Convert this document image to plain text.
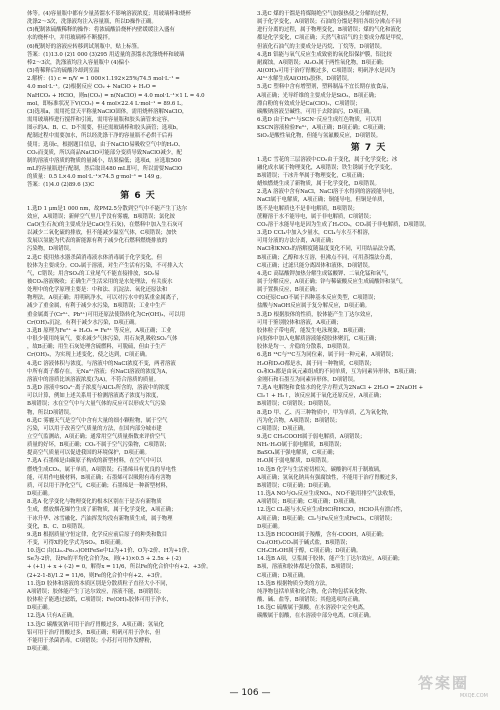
体等。(4)容量瓶中都有少量蒸馏水不影响溶液浓度；用玻璃棒和烧杯
洗涤2～3次，洗涤液均注入容量瓶，所以D操作正确。
(5)配制浓硫酸稀释的操作：将浓硫酸沿烧杯内壁缓缓注入盛有
水的烧杯中，并用玻璃棒不断搅拌。
(6)配制好的溶液应转移到试剂瓶中，贴上标签。
答案：(1)13.0 (2)1 000 (3)295 用适量的蒸馏水洗涤烧杯和玻璃
棒2～3次，洗涤液均注入容量瓶中 (4)偏小
(5)将稀释后的硫酸冷却到室温
2.解析：(1) c = n/V = 1 000×1.192×25%/74.5 mol·L⁻¹ =
4.0 mol·L⁻¹。(2)根据反应 CO₂ + NaClO + H₂O =
NaHCO₃ + HClO，则n(CO₂) = n(NaClO) = 4.0 mol·L⁻¹×1 L = 4.0
mol，即标准状况下V(CO₂) = 4 mol×22.4 L·mol⁻¹ = 89.6 L。
(3)选项a，需用托盘天平称量NaClO固体，需用烧杯溶解NaClO，
需用玻璃棒进行搅拌和引流，需用容量瓶和胶头滴管来定容，
图示的A、B、C、D不需要，但还需玻璃棒和胶头滴管；选项b，
配制过程中需要加水，所以经洗涤干净的容量瓶不必烘干后再
使用；选项c，根据题目信息，由于NaClO易吸收空气中的H₂O、
CO₂而变质，所以商品NaClO可能部分变质导致NaClO减少，配
制的溶液中溶质的物质的量减小，结果偏低；选项d，应选取500
mL的容量瓶进行配制，然后取出480 mL即可，所以需要NaClO
的质量：0.5 L×4.0 mol·L⁻¹×74.5 g·mol⁻¹ = 149 g。
答案：(1)4.0 (2)89.6 (3)C
第 6 天
1.选D 1 μm是1 000 nm，故PM2.5分散到空气中不能产生丁达尔
效应，A项错误；新鲜空气里几乎没有雾霾，B项错误；氯化铵
CaO(生石灰)的主要成分是CaO(生石灰)，在燃料中加入生石灰可
以减少二氧化硫的排放，但不能减少温室气体，C项错误；加快
发展以氢能为代表的新能源有利于减少化石燃料燃烧排放的
污染物，D项错误。
2.选C 使用热水器杀菌消毒液水体消毒属于化学变化，但
胶体为主要成分。CO₂属于溶液，对生产生活有污染，不可排入大
气，C错误；用含SO₂的工业尾气不能直接排放，SO₂易
被CO₂溶液吸收；正确生产生活采用的是水处理法，有关废水
处理中的化学原理主要是：中和法、沉淀法、氧化还原法和
物理法。A项正确；用明矾净水，可以对污水中的某重金属离子，
减少了重金属，有利于减少水污染，B项错误；工业中生产
重金属离子(Cr³⁺、Pb²⁺)可用还原法使铬转化为Cr(OH)₃，可以用
Cr(OH)₃沉淀，有利于减少水污染，D项正确。
3.选B 原理为Fe²⁺ + H₂O₂ = Fe³⁺ 等反应，A项正确；工业
中很少使用纯氧气，要求减少气体污染，用石灰乳吸收SO₂气体
，故B正确；用生石灰处理含硫燃料，可脱硫，但由于生产
Cr(OH)₃，为实现上述变化，使之达到，C项正确。
4.选C 溶液体积与浓度，与溶液中的NaCl浓度不变，两者溶液
中所有离子都存在，无Na²⁺溶液；有NaCl溶液的浓度为A，
溶液中的溶质比该溶液浓度(为A)，不符合溶质的质量。
5.选D 溶液中SO₄²⁻离子浓度与AlCl₃所含的，溶液中的浓度
可以计算，例如上述关系用于检测溶液离子浓度与浓度，
B项错误；水在空气中与大量气体的反应可以形成大气污染
物，所以D项错误。
6.选C 雾霾天气是空气中含有大量的细小颗粒物，属于空气
污染，可以用于改善空气质量的方法，在国内部分城市建
立空气监测站，A项正确；通常用空气质量指数来评价空气
质量的好坏，B项正确；CO₂不属于空气污染物，C项错误；
提高空气质量可以促进我国的环境保护，D项正确。
7.选A 石墨烯是由碳原子构成的新型材料，在空气中可以
燃烧生成CO₂，属于单质，A项错误；石墨烯具有优良的导电性
能，可用作电极材料，B项正确；石墨烯可以吸附有毒有害物
质，可以用于净化空气，C项正确；石墨烯是一种新型材料，
D项正确。
8.选A 化学变化与物理变化的根本区别在于是否有新物质
生成，燃放烟花爆竹生成了新物质，属于化学变化，A项正确；
干冰升华、冰雪融化、汽油挥发均没有新物质生成，属于物理
变化，B、C、D项错误。
9.选B 根据质量守恒定律，化学反应前后原子的种类和数目
不变，可得X的化学式为SO₂，B项正确。
10.选C 由(Li₀.₅Fe₂.₅)OHFeSe中Li为+1价、O为-2价、H为+1价、
Se为-2价，设Fe的平均化合价为x，则(+1)×0.5 + 2.5x + (-2)
+ (+1) + x + (-2) = 0，解得x = 11/6，所以Fe的化合价中有+2、+3价。
(2+2-1-8)/1.2 = 11/6，则Fe的化合价中有+2、+3价。
11.选D 胶体和溶液的本质区别是分散质粒子直径大小不同，
A项错误；胶体能产生丁达尔效应，溶液不能，B项错误；
胶体粒子能透过滤纸，C项错误；Fe(OH)₃胶体可用于净水，
D项正确。
12.选A 只有A正确。
13.选C 碳酸氢钠可用于治疗胃酸过多，A项正确；氢氧化
铝可用于治疗胃酸过多，B项正确；明矾可用于净水，但
不能用于杀菌消毒，C项错误；小苏打可用作发酵粉，
D项正确。
3.选C 煤的干馏是将煤隔绝空气加强热使之分解的过程，
属于化学变化，A项错误；石油的分馏是利用各组分沸点不同
进行分离的过程，属于物理变化，B项错误；煤的气化和液化
都是化学变化，C项正确；天然气和沼气的主要成分都是甲烷，
但液化石油气的主要成分是丙烷、丁烷等，D项错误。
4.选B 铝能与氧气反应生成致密的氧化铝保护膜，铝比较
耐腐蚀，A项错误；Al₂O₃属于两性氧化物，B项正确；
Al(OH)₃可用于治疗胃酸过多，C项错误；明矾净水是因为
Al³⁺水解生成Al(OH)₃胶体，D项错误。
5.选C 塑料中含有增塑剂，塑料制品不宜长期存放食品，
A项正确；光导纤维的主要成分是SiO₂，B项正确；
漂白粉的有效成分是Ca(ClO)₂，C项错误；
碳酸钠溶液呈碱性，可用于去除油污，D项正确。
6.选D 由于Fe³⁺与SCN⁻反应生成红色物质，可以用
KSCN溶液检验Fe³⁺，A项正确；B项正确；C项正确；
SiO₂是酸性氧化物，但能与氢氟酸反应，D项错误。
第 7 天
1.选C 雪花的三层溶液中CO₂由于变化，属于化学变化；冰
融化成水属于物理变化，A项错误；铁生锈属于化学变化，
B项错误；干冰升华属于物理变化，C项正确；
蜡烛燃烧生成了新物质，属于化学变化，D项错误。
2.选A 溶液中含有NaCl，NaCl溶于水得到的溶液能导电，
NaCl属于电解质，A项正确；铜能导电，但铜是单质，
既不是电解质也不是非电解质，B项错误；
蔗糖溶于水不能导电，属于非电解质，C项错误；
CO₂溶于水能导电是因为生成了H₂CO₃，CO₂属于非电解质，D项错误。
3.选D CCl₄中加入少量水，CCl₄与水互不相溶，
可用分液的方法分离，A项正确；
NaCl和KNO₃的溶解度随温度变化不同，可用结晶法分离，
B项正确；乙醇和水互溶，但沸点不同，可用蒸馏法分离，
C项正确；过滤只能分离固体和液体，D项错误。
4.选C 高锰酸钾加热分解生成锰酸钾、二氧化锰和氧气，
属于分解反应，A项正确；锌与稀硫酸反应生成硫酸锌和氢气，
属于置换反应，B项正确；
CO还原CuO不属于四种基本反应类型，C项错误；
盐酸与NaOH反应属于复分解反应，D项正确。
5.选D 根据胶体的性质，胶体能产生丁达尔效应，
可用于鉴别胶体和溶液，A项正确；
胶体粒子带电荷，能发生电泳现象，B项正确；
向胶体中加入电解质溶液能使胶体聚沉，C项正确；
胶体是均一、介稳的分散系，D项错误。
6.选B ¹⁴C与¹²C互为同位素，属于同一种元素，A项错误；
H₂O和D₂O都是水，属于同一种物质，C项错误；
O₂和O₃都是由氧元素组成的不同单质，互为同素异形体，B项正确；
金刚石和石墨互为同素异形体，D项错误。
7.选A 电解饱和食盐水的化学方程式为2NaCl + 2H₂O = 2NaOH +
Cl₂↑ + H₂↑，该反应属于氧化还原反应，A项正确；
B项错误；C项错误；D项错误。
8.选D 甲、乙、丙三种物质中，甲为单质，乙为氧化物，
丙为化合物，A项错误；B项错误；
C项错误；D项正确。
9.选C CH₃COOH属于弱电解质，A项错误；
NH₃·H₂O属于弱电解质，B项错误；
BaSO₄属于强电解质，C项正确；
H₂O属于弱电解质，D项错误。
10.选B 化学与生活密切相关，碳酸钠可用于制玻璃，
A项正确；氢氧化钠具有强腐蚀性，不能用于治疗胃酸过多，
B项错误；C项正确；D项正确。
11.选A NO与O₂反应生成NO₂，NO不能用排空气法收集，
A项错误；B项正确；C项正确；D项正确。
12.选C Cl₂能与水反应生成HCl和HClO，HClO具有漂白性，
A项正确；B项正确；Cl₂与Fe反应生成FeCl₃，C项错误；
D项正确。
13.选B HCOOH属于羧酸，含有-COOH，A项正确；
Cu₂(OH)₂CO₃属于碱式盐，B项错误；
CH₃CH₂OH属于醇，C项正确；D项正确。
14.选B A项，豆浆属于胶体，能产生丁达尔效应，A项正确；
B项，溶液和胶体都是分散系，B项错误；
C项正确；D项正确。
15.选B 根据物质分类的方法，
纯净物包括单质和化合物，化合物包括氧化物、
酸、碱、盐等，B项错误；其他选项均正确。
16.选C 硫酸属于强酸，在水溶液中完全电离，
碳酸属于弱酸，在水溶液中部分电离，C项正确。
— 106 —
答案圈
MXQE.COM
